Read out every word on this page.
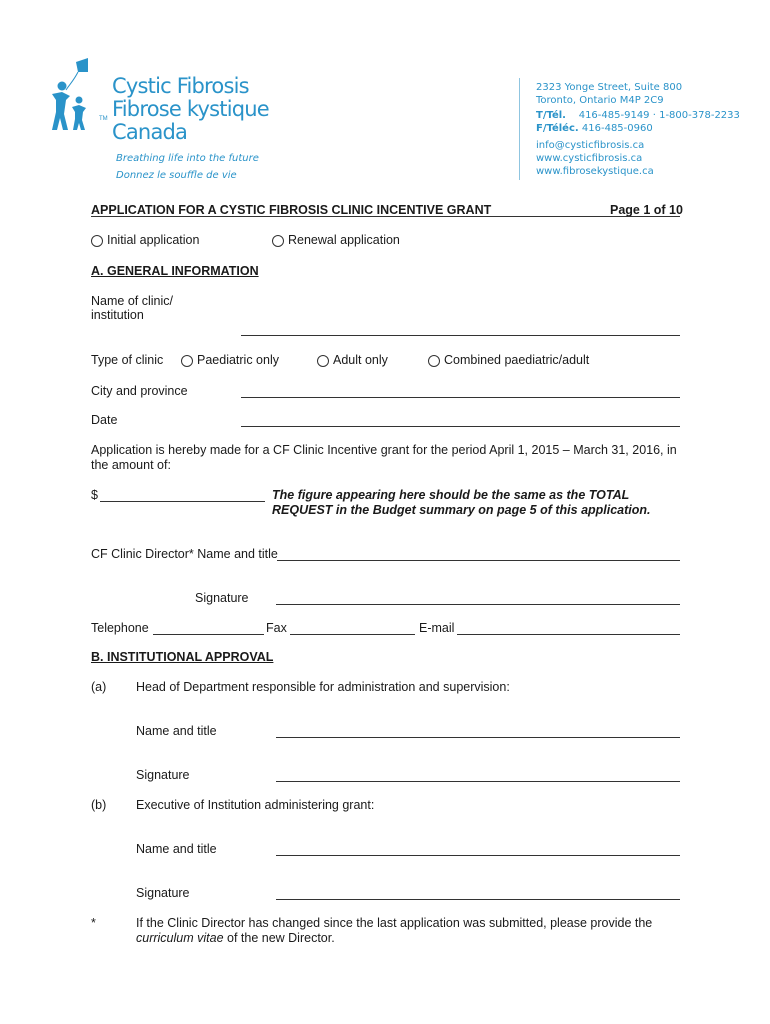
Cystic Fibrosis
Fibrose kystique
TM
Canada
Breathing life into the future
Donnez le souffle de vie
2323 Yonge Street, Suite 800
Toronto, Ontario M4P 2C9
T/Tél. 416-485-9149 · 1-800-378-2233
F/Téléc. 416-485-0960
info@cysticfibrosis.ca
www.cysticfibrosis.ca
www.fibrosekystique.ca
APPLICATION FOR A CYSTIC FIBROSIS CLINIC INCENTIVE GRANT	Page 1 of 10
Initial application	Renewal application
A. GENERAL INFORMATION
Name of clinic/
institution
Type of clinic	Paediatric only	Adult only	Combined paediatric/adult
City and province
Date
Application is hereby made for a CF Clinic Incentive grant for the period April 1, 2015 – March 31, 2016, in the amount of:
$	The figure appearing here should be the same as the TOTAL REQUEST in the Budget summary on page 5 of this application.
CF Clinic Director* Name and title
Signature
Telephone	Fax	E-mail
B. INSTITUTIONAL APPROVAL
(a) Head of Department responsible for administration and supervision:
Name and title
Signature
(b) Executive of Institution administering grant:
Name and title
Signature
*	If the Clinic Director has changed since the last application was submitted, please provide the
curriculum vitae of the new Director.
